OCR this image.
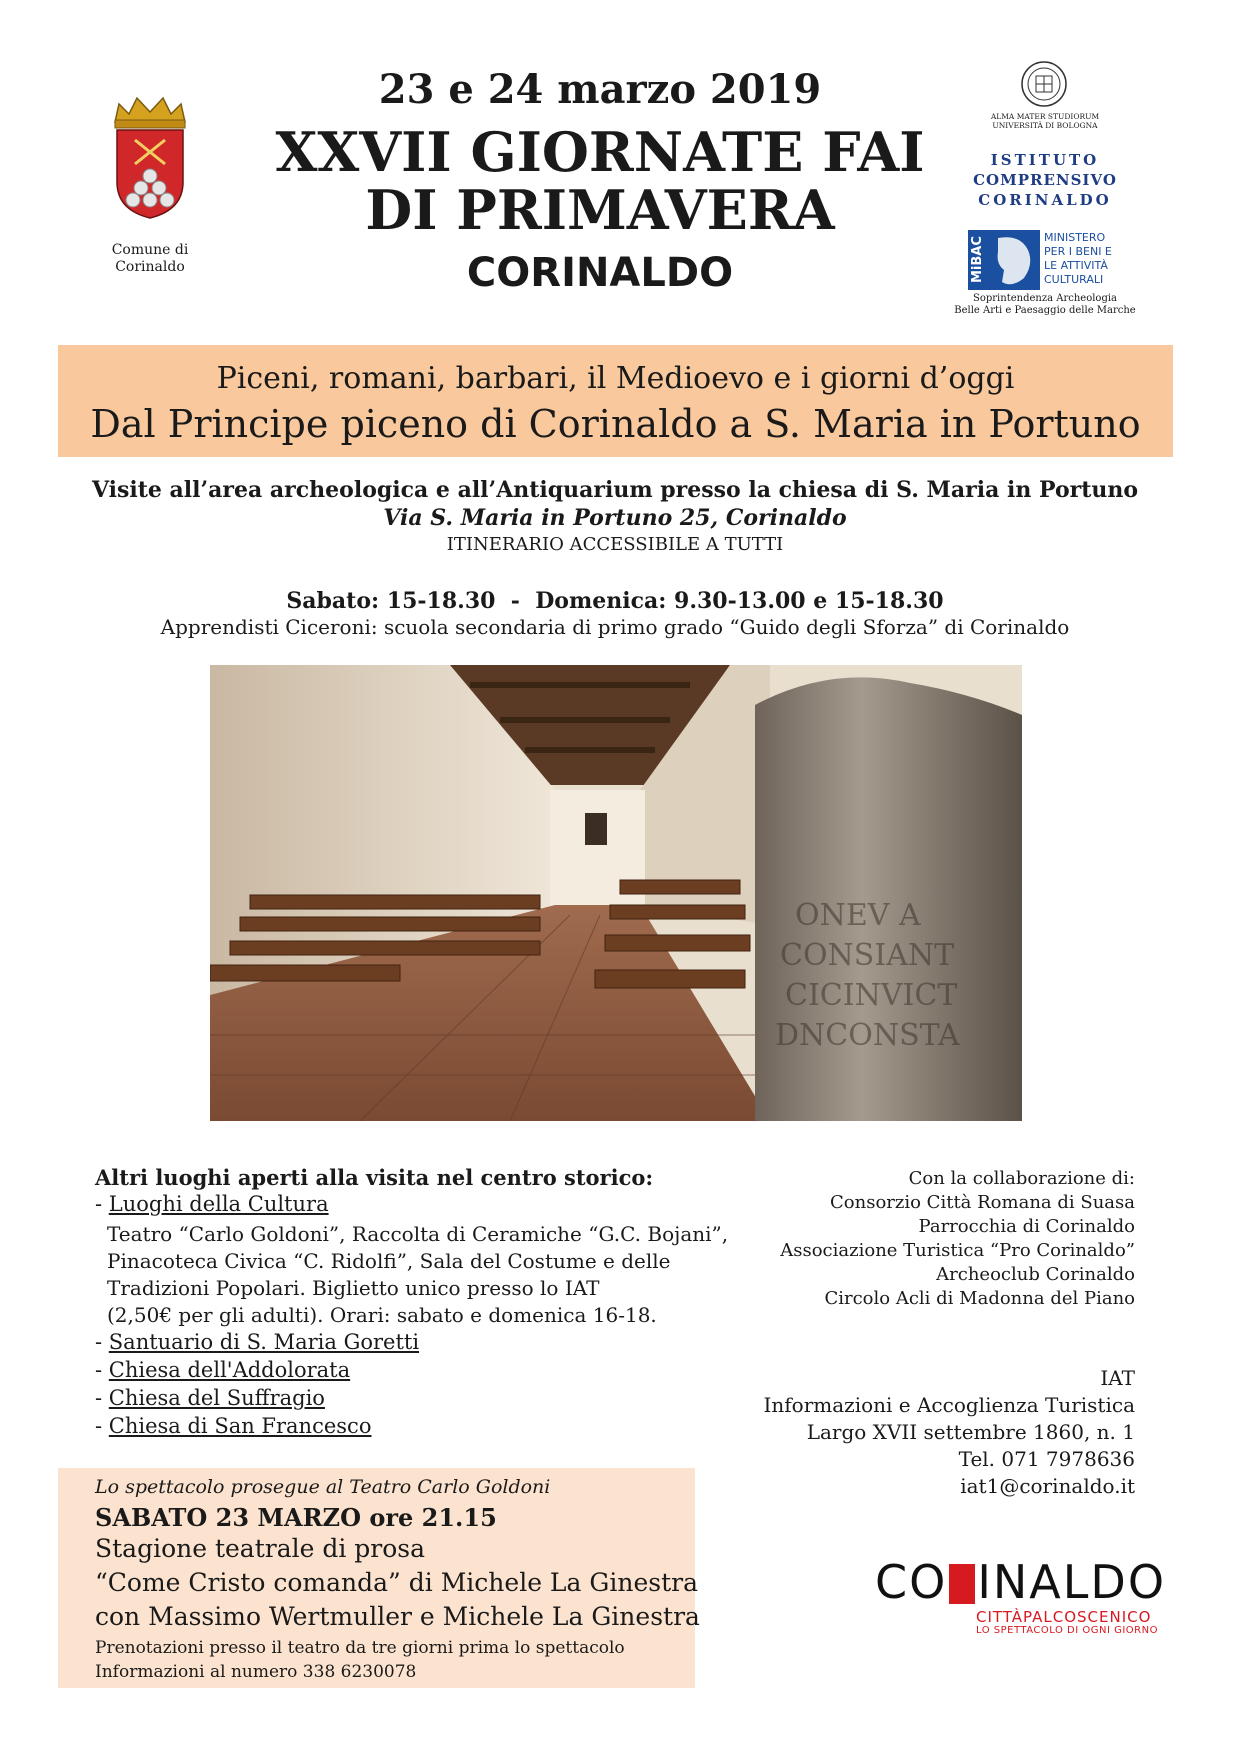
Comune di
Corinaldo
23 e 24 marzo 2019
XXVII GIORNATE FAI
DI PRIMAVERA
CORINALDO
ALMA MATER STUDIORUM
UNIVERSITÀ DI BOLOGNA
ISTITUTO
COMPRENSIVO
CORINALDO
MiBAC	MINISTERO
PER I BENI E
LE ATTIVITÀ
CULTURALI
Soprintendenza Archeologia
Belle Arti e Paesaggio delle Marche
Piceni, romani, barbari, il Medioevo e i giorni d’oggi
Dal Principe piceno di Corinaldo a S. Maria in Portuno
Visite all’area archeologica e all’Antiquarium presso la chiesa di S. Maria in Portuno
Via S. Maria in Portuno 25, Corinaldo
ITINERARIO ACCESSIBILE A TUTTI
Sabato: 15-18.30  -  Domenica: 9.30-13.00 e 15-18.30
Apprendisti Ciceroni: scuola secondaria di primo grado “Guido degli Sforza” di Corinaldo
ONEV A
CONSIANT
CICINVICT
DNCONSTA
Altri luoghi aperti alla visita nel centro storico:
- Luoghi della Cultura
Teatro “Carlo Goldoni”, Raccolta di Ceramiche “G.C. Bojani”,
Pinacoteca Civica “C. Ridolfi”, Sala del Costume e delle
Tradizioni Popolari. Biglietto unico presso lo IAT
(2,50€ per gli adulti). Orari: sabato e domenica 16-18.
- Santuario di S. Maria Goretti
- Chiesa dell'Addolorata
- Chiesa del Suffragio
- Chiesa di San Francesco
Con la collaborazione di:
Consorzio Città Romana di Suasa
Parrocchia di Corinaldo
Associazione Turistica “Pro Corinaldo”
Archeoclub Corinaldo
Circolo Acli di Madonna del Piano
IAT
Informazioni e Accoglienza Turistica
Largo XVII settembre 1860, n. 1
Tel. 071 7978636
iat1@corinaldo.it
Lo spettacolo prosegue al Teatro Carlo Goldoni
SABATO 23 MARZO ore 21.15
Stagione teatrale di prosa
“Come Cristo comanda” di Michele La Ginestra
con Massimo Wertmuller e Michele La Ginestra
Prenotazioni presso il teatro da tre giorni prima lo spettacolo
Informazioni al numero 338 6230078
CO INALDO
CITTÀPALCOSCENICO
LO SPETTACOLO DI OGNI GIORNO
